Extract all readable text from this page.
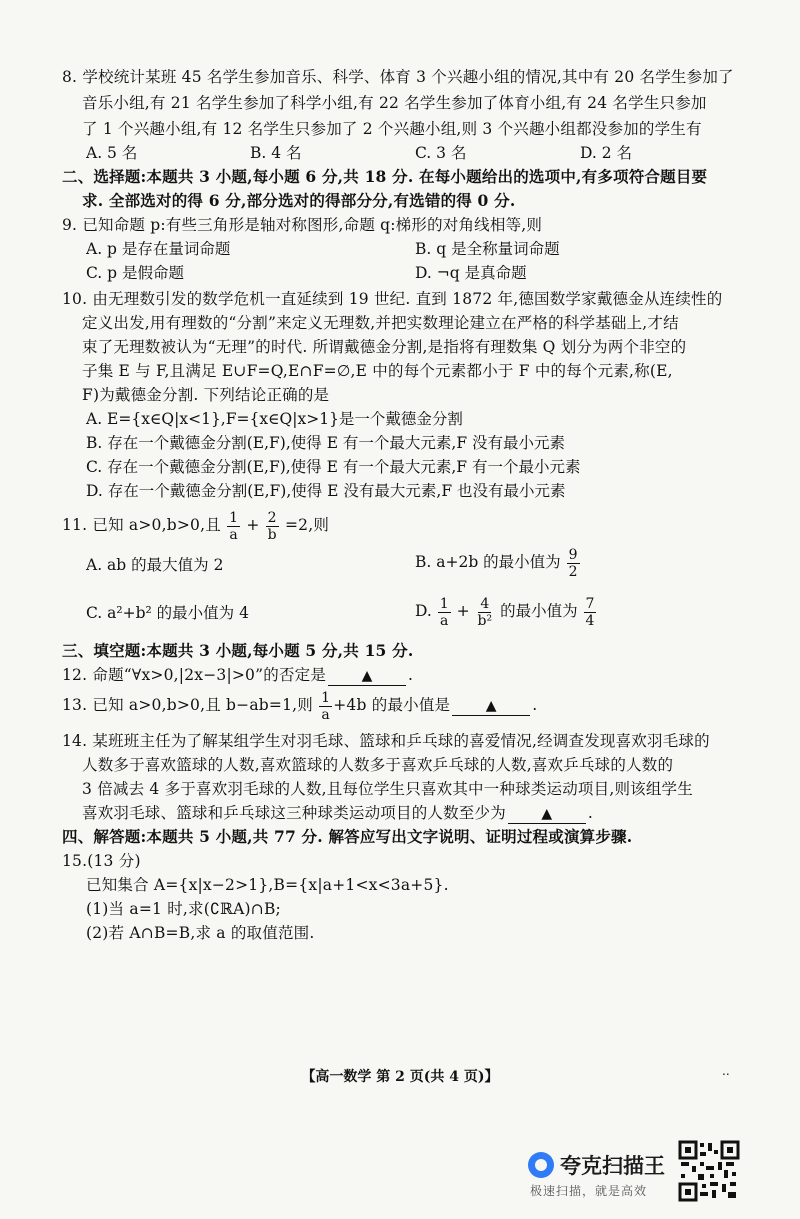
8. 学校统计某班 45 名学生参加音乐、科学、体育 3 个兴趣小组的情况,其中有 20 名学生参加了
音乐小组,有 21 名学生参加了科学小组,有 22 名学生参加了体育小组,有 24 名学生只参加
了 1 个兴趣小组,有 12 名学生只参加了 2 个兴趣小组,则 3 个兴趣小组都没参加的学生有
A. 5 名	B. 4 名	C. 3 名	D. 2 名
二、选择题:本题共 3 小题,每小题 6 分,共 18 分. 在每小题给出的选项中,有多项符合题目要
求. 全部选对的得 6 分,部分选对的得部分分,有选错的得 0 分.
9. 已知命题 p:有些三角形是轴对称图形,命题 q:梯形的对角线相等,则
A. p 是存在量词命题	B. q 是全称量词命题
C. p 是假命题	D. ¬q 是真命题
10. 由无理数引发的数学危机一直延续到 19 世纪. 直到 1872 年,德国数学家戴德金从连续性的
定义出发,用有理数的“分割”来定义无理数,并把实数理论建立在严格的科学基础上,才结
束了无理数被认为“无理”的时代. 所谓戴德金分割,是指将有理数集 Q 划分为两个非空的
子集 E 与 F,且满足 E∪F=Q,E∩F=∅,E 中的每个元素都小于 F 中的每个元素,称(E,
F)为戴德金分割. 下列结论正确的是
A. E={x∈Q|x<1},F={x∈Q|x>1}是一个戴德金分割
B. 存在一个戴德金分割(E,F),使得 E 有一个最大元素,F 没有最小元素
C. 存在一个戴德金分割(E,F),使得 E 有一个最大元素,F 有一个最小元素
D. 存在一个戴德金分割(E,F),使得 E 没有最大元素,F 也没有最小元素
11. 已知 a>0,b>0,且 $\frac{1}{a} + \frac{2}{b} =2$,则
A. ab 的最大值为 2	B. a+2b 的最小值为 $\frac{9}{2}$
C. a²+b² 的最小值为 4	D. $\frac{1}{a} + \frac{4}{\text{b²}}$ 的最小值为 $\frac{7}{4}$
三、填空题:本题共 3 小题,每小题 5 分,共 15 分.
12. 命题“∀x>0,|2x−3|>0”的否定是	▲ .
13. 已知 a>0,b>0,且 b−ab=1,则 $\frac{1}{a} +4b$ 的最小值是	▲ .
14. 某班班主任为了解某组学生对羽毛球、篮球和乒乓球的喜爱情况,经调查发现喜欢羽毛球的
人数多于喜欢篮球的人数,喜欢篮球的人数多于喜欢乒乓球的人数,喜欢乒乓球的人数的
3 倍减去 4 多于喜欢羽毛球的人数,且每位学生只喜欢其中一种球类运动项目,则该组学生
喜欢羽毛球、篮球和乒乓球这三种球类运动项目的人数至少为	▲ .
四、解答题:本题共 5 小题,共 77 分. 解答应写出文字说明、证明过程或演算步骤.
15.(13 分)
已知集合 A={x|x−2>1},B={x|a+1<x<3a+5}.
(1)当 a=1 时,求(∁ℝA)∩B;
(2)若 A∩B=B,求 a 的取值范围.
【高一数学 第 2 页(共 4 页)】	..
夸克扫描王
极速扫描，就是高效
